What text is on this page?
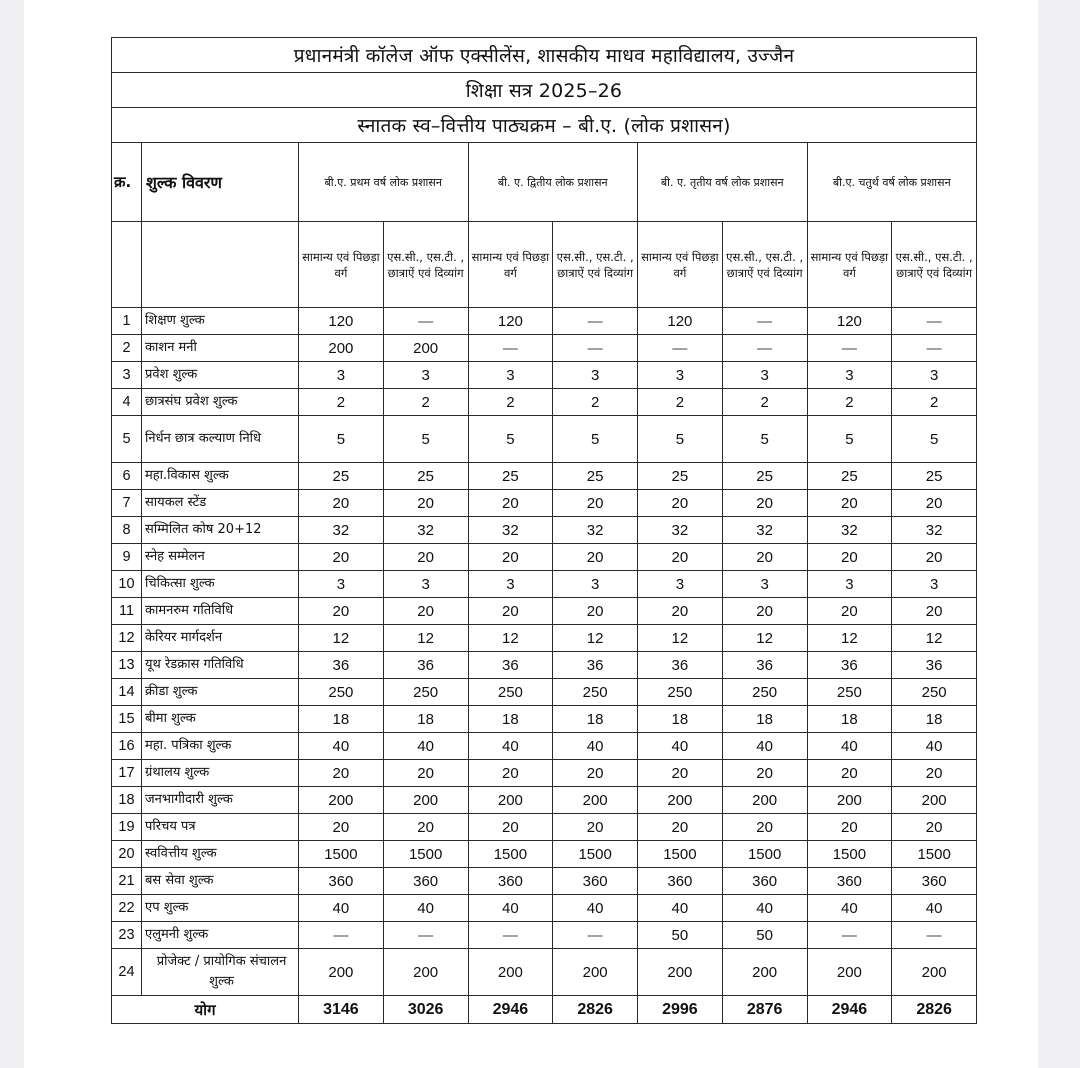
प्रधानमंत्री कॉलेज ऑफ एक्सीलेंस, शासकीय माधव महाविद्यालय, उज्जैन									
शिक्षा सत्र 2025–26									
स्नातक स्व–वित्तीय पाठ्यक्रम – बी.ए. (लोक प्रशासन)									
क्र.	शुल्क विवरण	बी.ए. प्रथम वर्ष लोक प्रशासन		बी. ए. द्वितीय लोक प्रशासन		बी. ए. तृतीय वर्ष लोक प्रशासन		बी.ए. चतुर्थ वर्ष लोक प्रशासन	
		सामान्य एवं पिछड़ा वर्ग	एस.सी., एस.टी. , छात्राऐं एवं दिव्यांग	सामान्य एवं पिछड़ा वर्ग	एस.सी., एस.टी. , छात्राऐं एवं दिव्यांग	सामान्य एवं पिछड़ा वर्ग	एस.सी., एस.टी. , छात्राऐं एवं दिव्यांग	सामान्य एवं पिछड़ा वर्ग	एस.सी., एस.टी. , छात्राऐं एवं दिव्यांग
1	शिक्षण शुल्क	120	—	120	—	120	—	120	—
2	काशन मनी	200	200	—	—	—	—	—	—
3	प्रवेश शुल्क	3	3	3	3	3	3	3	3
4	छात्रसंघ प्रवेश शुल्क	2	2	2	2	2	2	2	2
5	निर्धन छात्र कल्याण निधि	5	5	5	5	5	5	5	5
6	महा.विकास शुल्क	25	25	25	25	25	25	25	25
7	सायकल स्टेंड	20	20	20	20	20	20	20	20
8	सम्मिलित कोष 20+12	32	32	32	32	32	32	32	32
9	स्नेह सम्मेलन	20	20	20	20	20	20	20	20
10	चिकित्सा शुल्क	3	3	3	3	3	3	3	3
11	कामनरुम गतिविधि	20	20	20	20	20	20	20	20
12	केरियर मार्गदर्शन	12	12	12	12	12	12	12	12
13	यूथ रेडक्रास गतिविधि	36	36	36	36	36	36	36	36
14	क्रीडा शुल्क	250	250	250	250	250	250	250	250
15	बीमा शुल्क	18	18	18	18	18	18	18	18
16	महा. पत्रिका शुल्क	40	40	40	40	40	40	40	40
17	ग्रंथालय शुल्क	20	20	20	20	20	20	20	20
18	जनभागीदारी शुल्क	200	200	200	200	200	200	200	200
19	परिचय पत्र	20	20	20	20	20	20	20	20
20	स्ववित्तीय शुल्क	1500	1500	1500	1500	1500	1500	1500	1500
21	बस सेवा शुल्क	360	360	360	360	360	360	360	360
22	एप शुल्क	40	40	40	40	40	40	40	40
23	एलुमनी शुल्क	—	—	—	—	50	50	—	—
24	प्रोजेक्ट / प्रायोगिक संचालन शुल्क	200	200	200	200	200	200	200	200
योग		3146	3026	2946	2826	2996	2876	2946	2826
